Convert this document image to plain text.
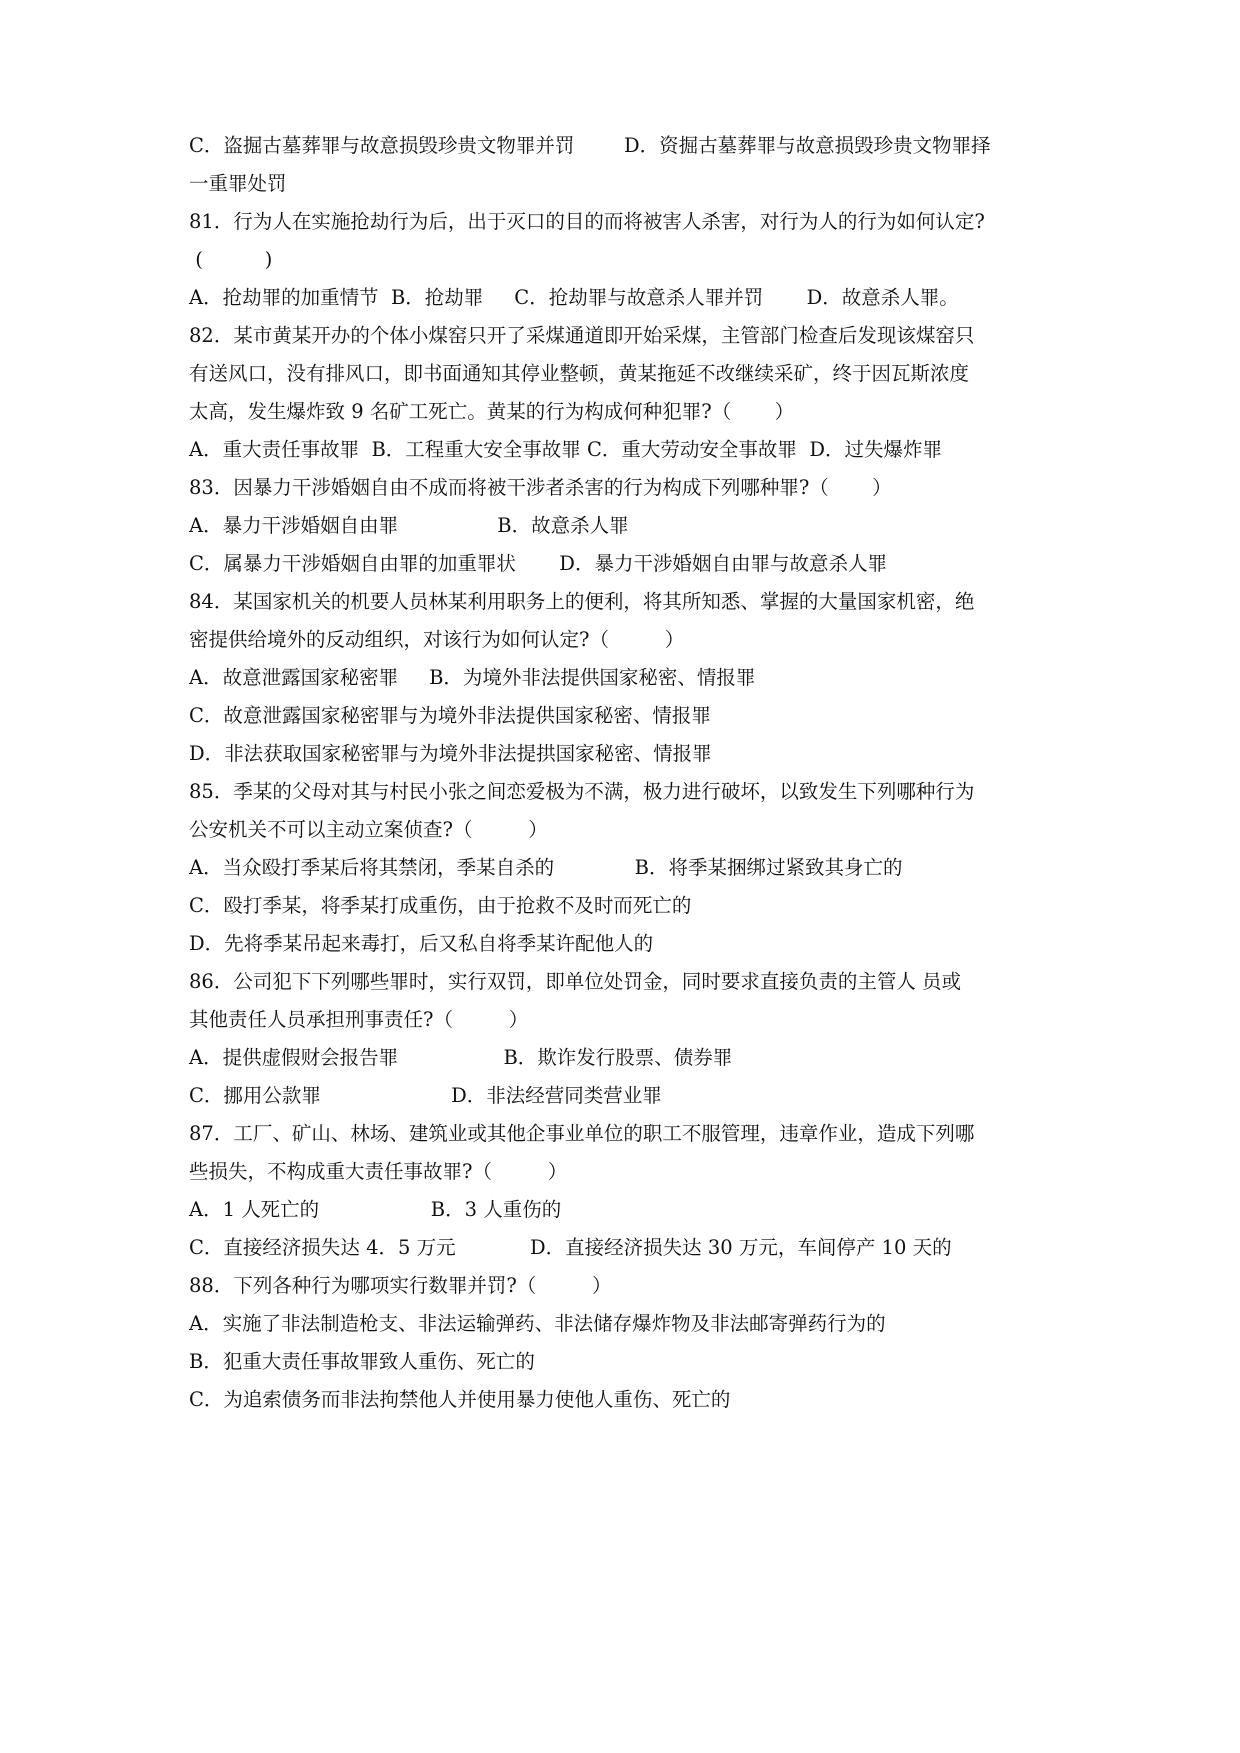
C．盗掘古墓葬罪与故意损毁珍贵文物罪并罚        D．资掘古墓葬罪与故意损毁珍贵文物罪择
一重罪处罚
81．行为人在实施抢劫行为后，出于灭口的目的而将被害人杀害，对行为人的行为如何认定?
(          )
A．抢劫罪的加重情节  B．抢劫罪     C．抢劫罪与故意杀人罪并罚       D．故意杀人罪。
82．某市黄某开办的个体小煤窑只开了采煤通道即开始采煤，主管部门检查后发现该煤窑只
有送风口，没有排风口，即书面通知其停业整顿，黄某拖延不改继续采矿，终于因瓦斯浓度
太高，发生爆炸致 9 名矿工死亡。黄某的行为构成何种犯罪?（       ）
A．重大责任事故罪  B．工程重大安全事故罪 C．重大劳动安全事故罪  D．过失爆炸罪
83．因暴力干涉婚姻自由不成而将被干涉者杀害的行为构成下列哪种罪?（       ）
A．暴力干涉婚姻自由罪                B．故意杀人罪
C．属暴力干涉婚姻自由罪的加重罪状       D．暴力干涉婚姻自由罪与故意杀人罪
84．某国家机关的机要人员林某利用职务上的便利，将其所知悉、掌握的大量国家机密，绝
密提供给境外的反动组织，对该行为如何认定?（         ）
A．故意泄露国家秘密罪     B．为境外非法提供国家秘密、情报罪
C．故意泄露国家秘密罪与为境外非法提供国家秘密、情报罪
D．非法获取国家秘密罪与为境外非法提拱国家秘密、情报罪
85．季某的父母对其与村民小张之间恋爱极为不满，极力进行破坏，以致发生下列哪种行为
公安机关不可以主动立案侦查?（         ）
A．当众殴打季某后将其禁闭，季某自杀的             B．将季某捆绑过紧致其身亡的
C．殴打季某，将季某打成重伤，由于抢救不及时而死亡的
D．先将季某吊起来毒打，后又私自将季某许配他人的
86．公司犯下下列哪些罪时，实行双罚，即单位处罚金，同时要求直接负责的主管人 员或
其他责任人员承担刑事责任?（         ）
A．提供虚假财会报告罪                 B．欺诈发行股票、债券罪
C．挪用公款罪                     D．非法经营同类营业罪
87．工厂、矿山、林场、建筑业或其他企事业单位的职工不服管理，违章作业，造成下列哪
些损失，不构成重大责任事故罪?（         ）
A．1 人死亡的                  B．3 人重伤的
C．直接经济损失达 4．5 万元            D．直接经济损失达 30 万元，车间停产 10 天的
88．下列各种行为哪项实行数罪并罚?（         ）
A．实施了非法制造枪支、非法运输弹药、非法储存爆炸物及非法邮寄弹药行为的
B．犯重大责任事故罪致人重伤、死亡的
C．为追索债务而非法拘禁他人并使用暴力使他人重伤、死亡的
